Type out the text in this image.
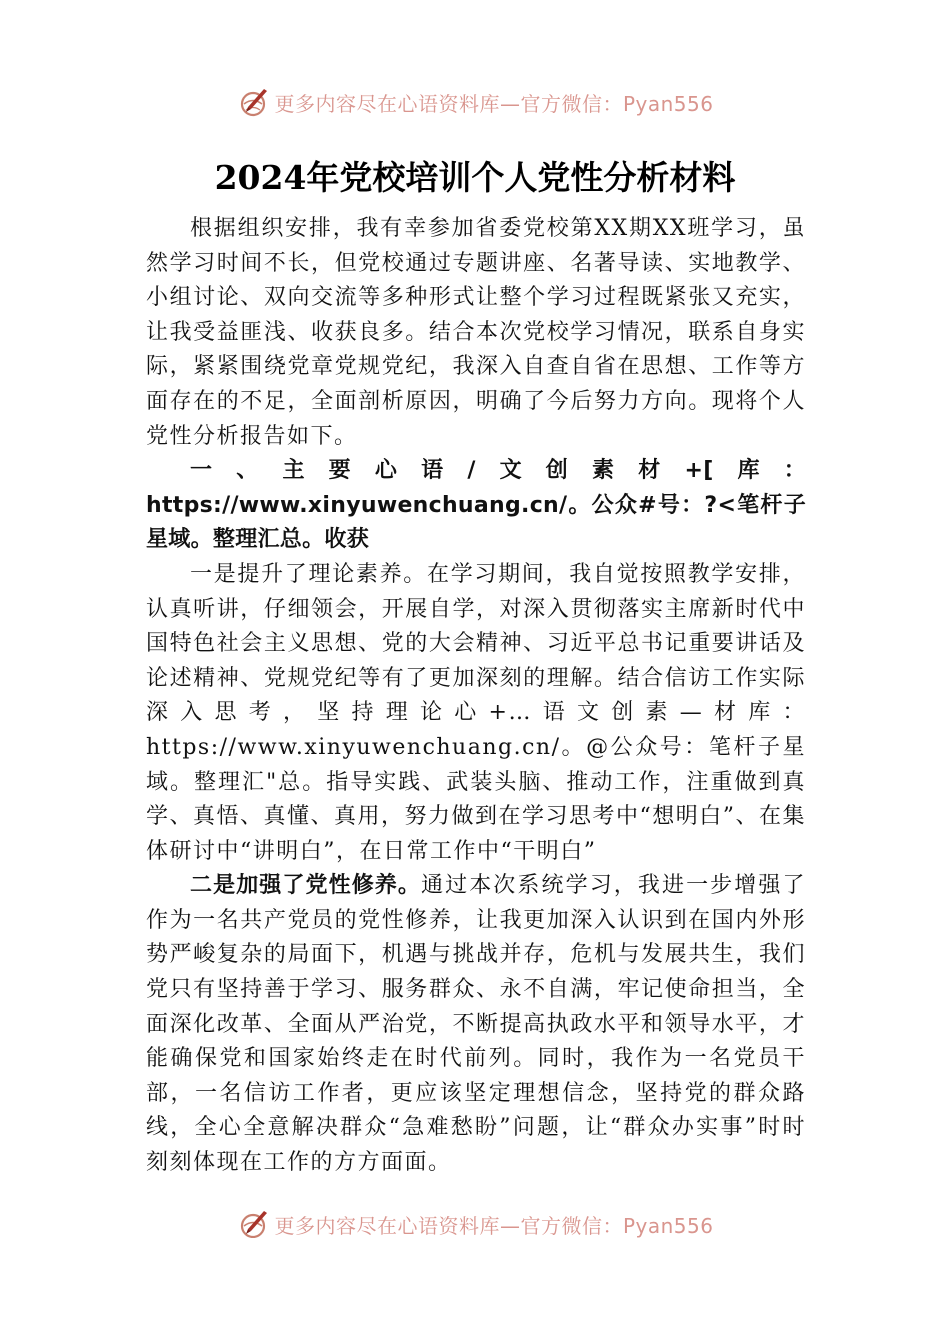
更多内容尽在心语资料库—官方微信：Pyan556
2024年党校培训个人党性分析材料

根据组织安排，我有幸参加省委党校第XX期XX班学习，虽然学习时间不长，但党校通过专题讲座、名著导读、实地教学、小组讨论、双向交流等多种形式让整个学习过程既紧张又充实，让我受益匪浅、收获良多。结合本次党校学习情况，联系自身实际，紧紧围绕党章党规党纪，我深入自查自省在思想、工作等方面存在的不足，全面剖析原因，明确了今后努力方向。现将个人党性分析报告如下。

一、主要心语/文创素材+[库：https://www.xinyuwenchuang.cn/。公众#号：?<笔杆子星域。整理汇总。收获

一是提升了理论素养。在学习期间，我自觉按照教学安排，认真听讲，仔细领会，开展自学，对深入贯彻落实主席新时代中国特色社会主义思想、党的大会精神、习近平总书记重要讲话及论述精神、党规党纪等有了更加深刻的理解。结合信访工作实际深入思考，坚持理论心+…语文创素—材库：https://www.xinyuwenchuang.cn/。@公众号：笔杆子星域。整理汇"总。指导实践、武装头脑、推动工作，注重做到真学、真悟、真懂、真用，努力做到在学习思考中“想明白”、在集体研讨中“讲明白”，在日常工作中“干明白”

二是加强了党性修养。通过本次系统学习，我进一步增强了作为一名共产党员的党性修养，让我更加深入认识到在国内外形势严峻复杂的局面下，机遇与挑战并存，危机与发展共生，我们党只有坚持善于学习、服务群众、永不自满，牢记使命担当，全面深化改革、全面从严治党，不断提高执政水平和领导水平，才能确保党和国家始终走在时代前列。同时，我作为一名党员干部，一名信访工作者，更应该坚定理想信念，坚持党的群众路线，全心全意解决群众“急难愁盼”问题，让“群众办实事”时时刻刻体现在工作的方方面面。

更多内容尽在心语资料库—官方微信：Pyan556
